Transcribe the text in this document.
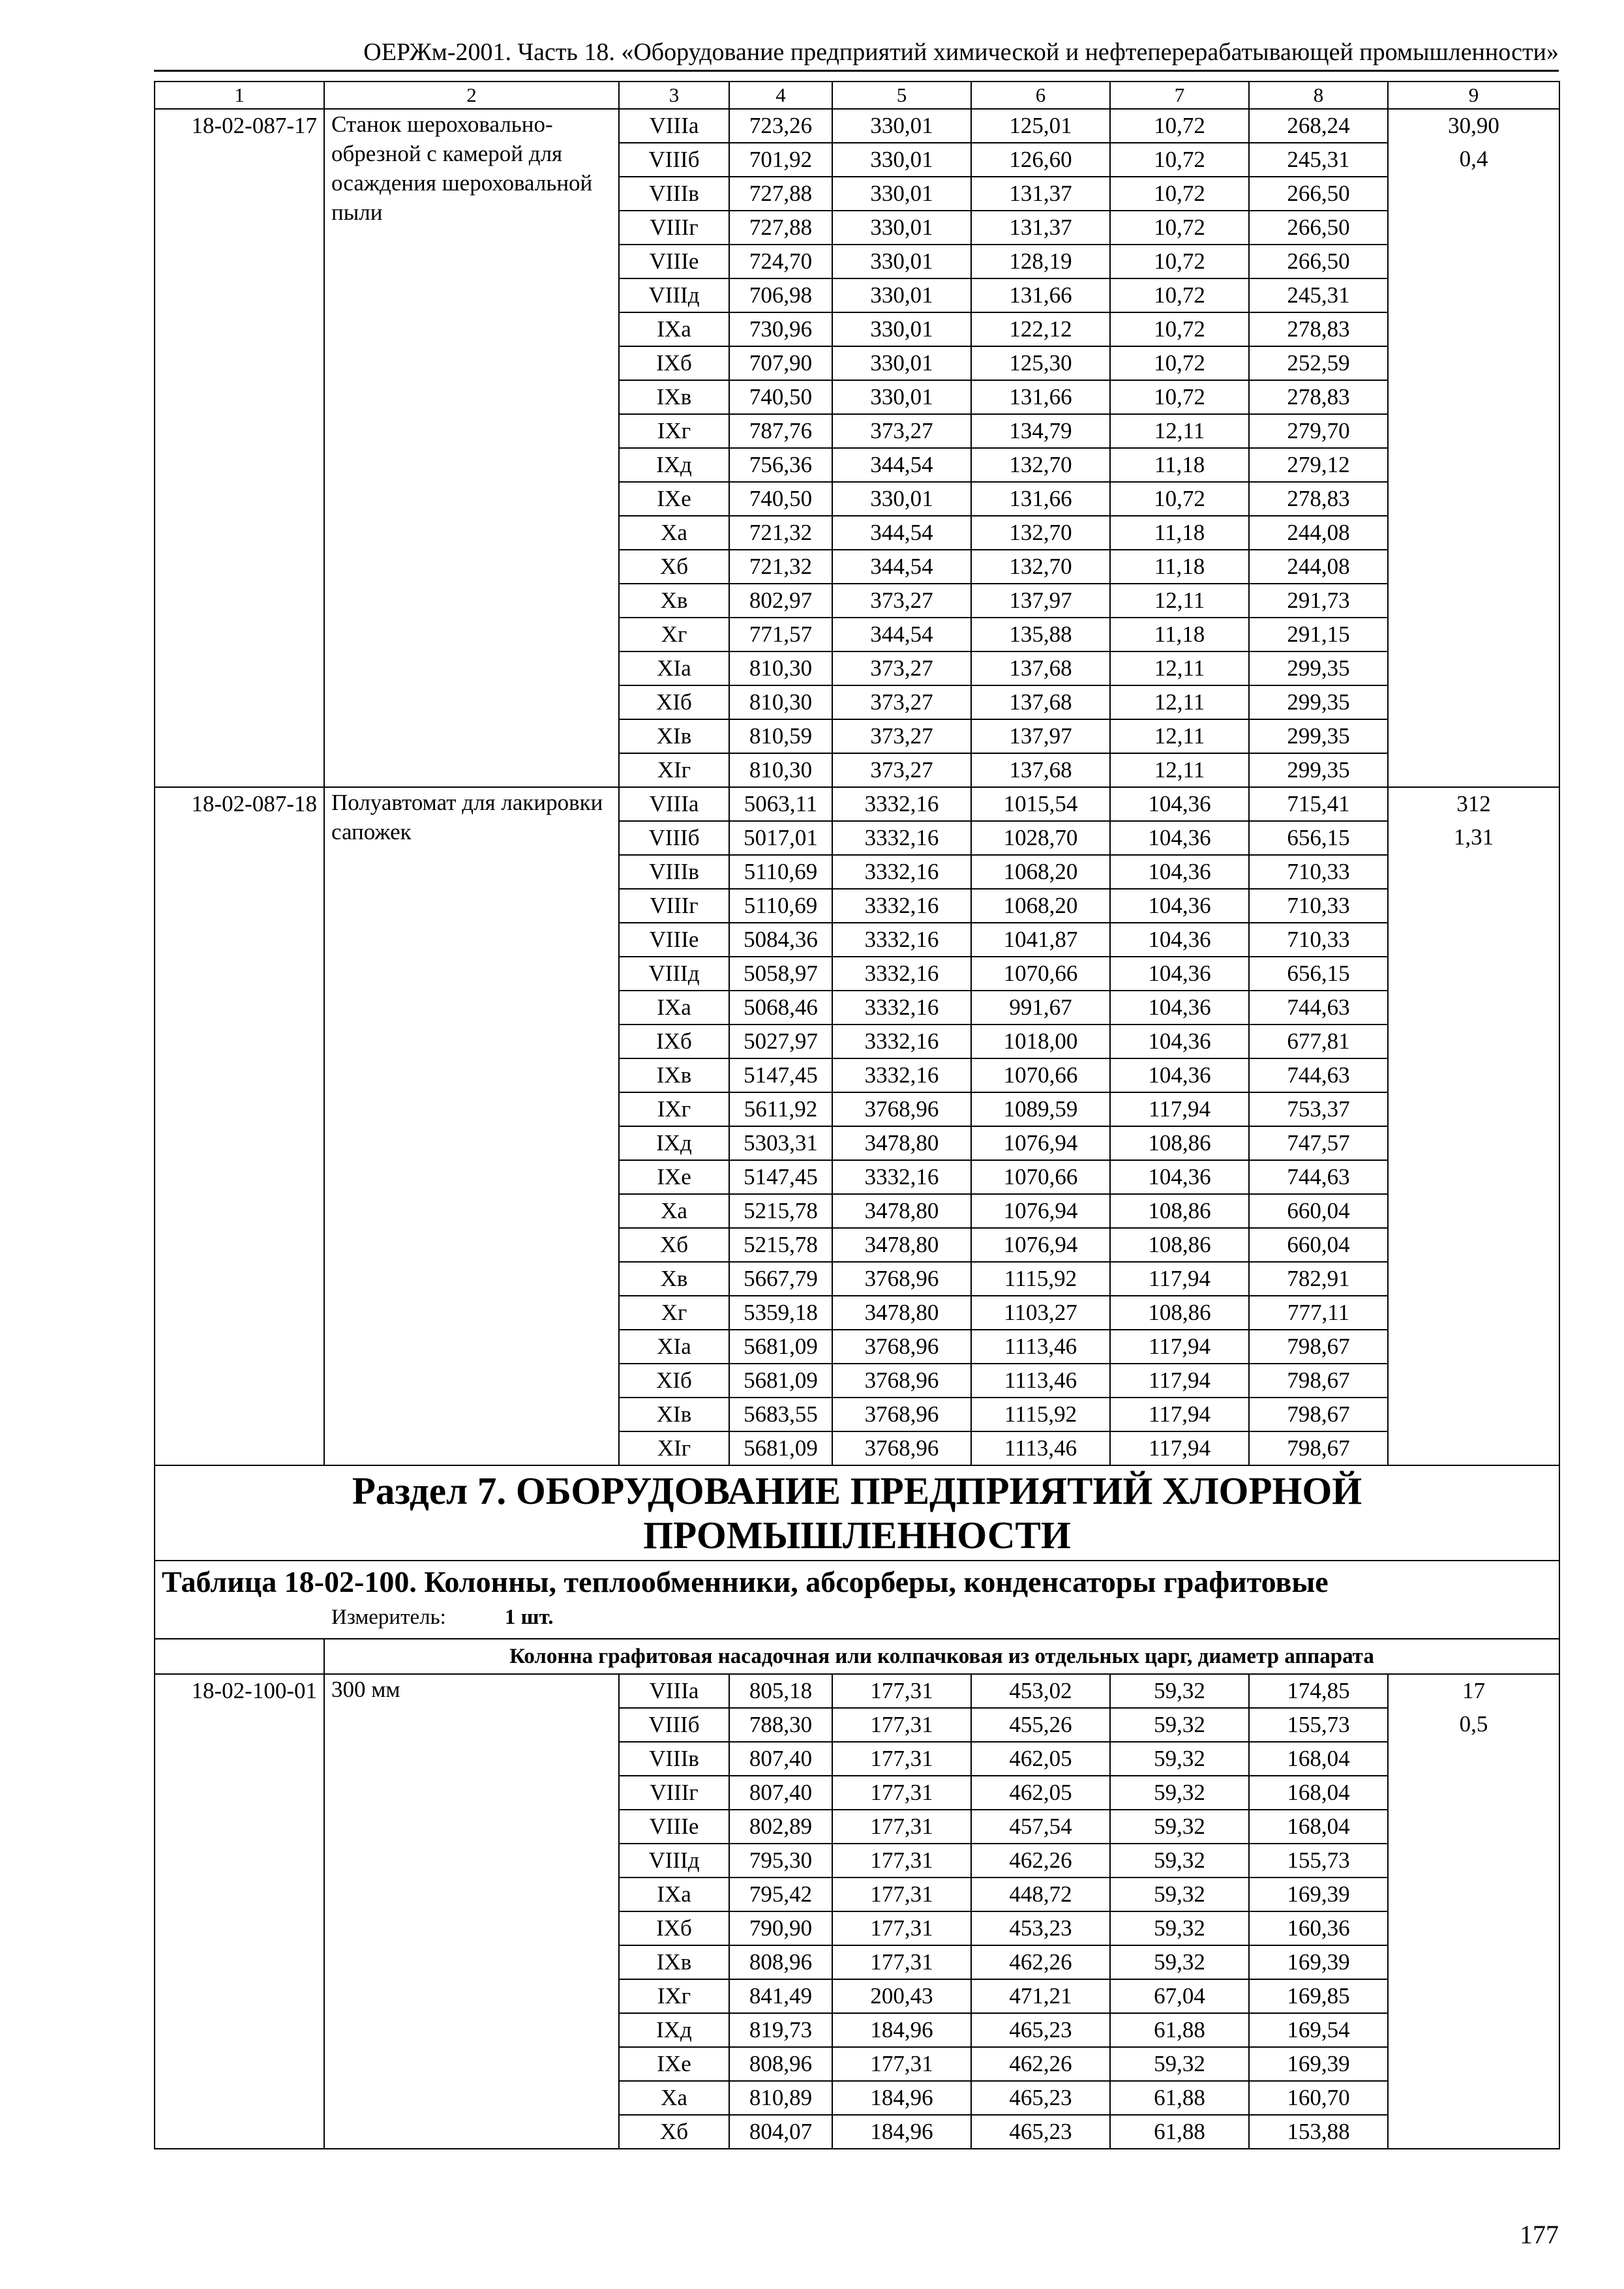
ОЕРЖм-2001. Часть 18. «Оборудование предприятий химической и нефтеперерабатывающей промышленности»
1	2	3	4	5	6	7	8	9
18-02-087-17	Станок шероховально-обрезной с камерой для осаждения шероховальной пыли	VIIIа	723,26	330,01	125,01	10,72	268,24	30,90
		VIIIб	701,92	330,01	126,60	10,72	245,31	0,4
		VIIIв	727,88	330,01	131,37	10,72	266,50	
		VIIIг	727,88	330,01	131,37	10,72	266,50	
		VIIIе	724,70	330,01	128,19	10,72	266,50	
		VIIIд	706,98	330,01	131,66	10,72	245,31	
		IXа	730,96	330,01	122,12	10,72	278,83	
		IXб	707,90	330,01	125,30	10,72	252,59	
		IXв	740,50	330,01	131,66	10,72	278,83	
		IXг	787,76	373,27	134,79	12,11	279,70	
		IXд	756,36	344,54	132,70	11,18	279,12	
		IXе	740,50	330,01	131,66	10,72	278,83	
		Xа	721,32	344,54	132,70	11,18	244,08	
		Xб	721,32	344,54	132,70	11,18	244,08	
		Xв	802,97	373,27	137,97	12,11	291,73	
		Xг	771,57	344,54	135,88	11,18	291,15	
		XIа	810,30	373,27	137,68	12,11	299,35	
		XIб	810,30	373,27	137,68	12,11	299,35	
		XIв	810,59	373,27	137,97	12,11	299,35	
		XIг	810,30	373,27	137,68	12,11	299,35	
18-02-087-18	Полуавтомат для лакировки сапожек	VIIIа	5063,11	3332,16	1015,54	104,36	715,41	312
		VIIIб	5017,01	3332,16	1028,70	104,36	656,15	1,31
		VIIIв	5110,69	3332,16	1068,20	104,36	710,33	
		VIIIг	5110,69	3332,16	1068,20	104,36	710,33	
		VIIIе	5084,36	3332,16	1041,87	104,36	710,33	
		VIIIд	5058,97	3332,16	1070,66	104,36	656,15	
		IXа	5068,46	3332,16	991,67	104,36	744,63	
		IXб	5027,97	3332,16	1018,00	104,36	677,81	
		IXв	5147,45	3332,16	1070,66	104,36	744,63	
		IXг	5611,92	3768,96	1089,59	117,94	753,37	
		IXд	5303,31	3478,80	1076,94	108,86	747,57	
		IXе	5147,45	3332,16	1070,66	104,36	744,63	
		Xа	5215,78	3478,80	1076,94	108,86	660,04	
		Xб	5215,78	3478,80	1076,94	108,86	660,04	
		Xв	5667,79	3768,96	1115,92	117,94	782,91	
		Xг	5359,18	3478,80	1103,27	108,86	777,11	
		XIа	5681,09	3768,96	1113,46	117,94	798,67	
		XIб	5681,09	3768,96	1113,46	117,94	798,67	
		XIв	5683,55	3768,96	1115,92	117,94	798,67	
		XIг	5681,09	3768,96	1113,46	117,94	798,67	
Раздел 7. ОБОРУДОВАНИЕ ПРЕДПРИЯТИЙ ХЛОРНОЙ ПРОМЫШЛЕННОСТИ								

Таблица 18-02-100. Колонны, теплообменники, абсорберы, конденсаторы графитовые
Измеритель: 1 шт.								

	Колонна графитовая насадочная или колпачковая из отдельных царг, диаметр аппарата							
18-02-100-01	300 мм	VIIIа	805,18	177,31	453,02	59,32	174,85	17
		VIIIб	788,30	177,31	455,26	59,32	155,73	0,5
		VIIIв	807,40	177,31	462,05	59,32	168,04	
		VIIIг	807,40	177,31	462,05	59,32	168,04	
		VIIIе	802,89	177,31	457,54	59,32	168,04	
		VIIIд	795,30	177,31	462,26	59,32	155,73	
		IXа	795,42	177,31	448,72	59,32	169,39	
		IXб	790,90	177,31	453,23	59,32	160,36	
		IXв	808,96	177,31	462,26	59,32	169,39	
		IXг	841,49	200,43	471,21	67,04	169,85	
		IXд	819,73	184,96	465,23	61,88	169,54	
		IXе	808,96	177,31	462,26	59,32	169,39	
		Xа	810,89	184,96	465,23	61,88	160,70	
		Xб	804,07	184,96	465,23	61,88	153,88	
177
